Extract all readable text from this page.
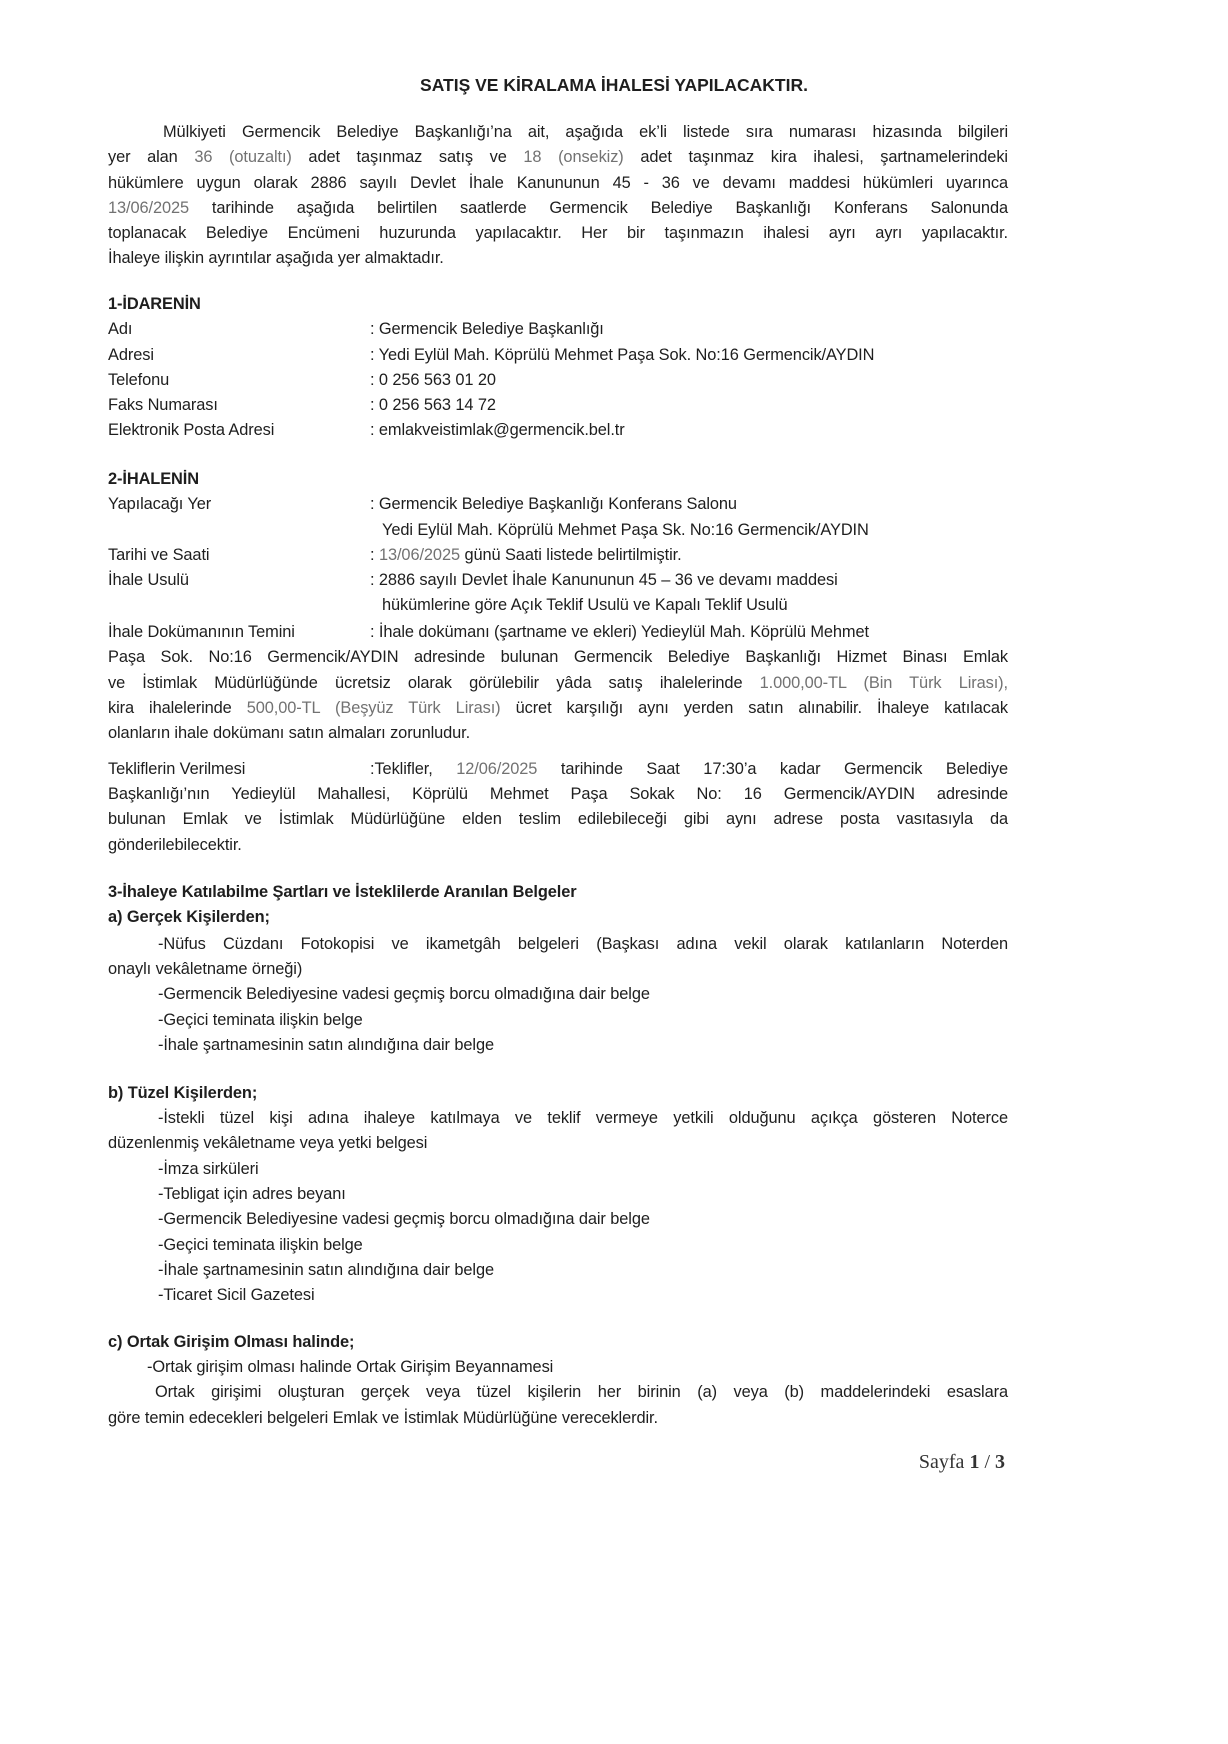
SATIŞ VE KİRALAMA İHALESİ YAPILACAKTIR.
Mülkiyeti Germencik Belediye Başkanlığı’na ait, aşağıda ek’li listede sıra numarası hizasında bilgileri
yer alan 36 (otuzaltı) adet taşınmaz satış ve 18 (onsekiz) adet taşınmaz kira ihalesi, şartnamelerindeki
hükümlere uygun olarak 2886 sayılı Devlet İhale Kanununun 45 - 36 ve devamı maddesi hükümleri uyarınca
13/06/2025 tarihinde aşağıda belirtilen saatlerde Germencik Belediye Başkanlığı Konferans Salonunda
toplanacak Belediye Encümeni huzurunda yapılacaktır. Her bir taşınmazın ihalesi ayrı ayrı yapılacaktır.
İhaleye ilişkin ayrıntılar aşağıda yer almaktadır.
1-İDARENİN
Adı	: Germencik Belediye Başkanlığı
Adresi	: Yedi Eylül Mah. Köprülü Mehmet Paşa Sok. No:16 Germencik/AYDIN
Telefonu	: 0 256 563 01 20
Faks Numarası	: 0 256 563 14 72
Elektronik Posta Adresi	: emlakveistimlak@germencik.bel.tr
2-İHALENİN
Yapılacağı Yer	: Germencik Belediye Başkanlığı Konferans Salonu
Yedi Eylül Mah. Köprülü Mehmet Paşa Sk. No:16 Germencik/AYDIN
Tarihi ve Saati	: 13/06/2025 günü Saati listede belirtilmiştir.
İhale Usulü	: 2886 sayılı Devlet İhale Kanununun 45 – 36 ve devamı maddesi
hükümlerine göre Açık Teklif Usulü ve Kapalı Teklif Usulü
İhale Dokümanının Temini	: İhale dokümanı (şartname ve ekleri) Yedieylül Mah. Köprülü Mehmet
Paşa Sok. No:16 Germencik/AYDIN adresinde bulunan Germencik Belediye Başkanlığı Hizmet Binası Emlak
ve İstimlak Müdürlüğünde ücretsiz olarak görülebilir yâda satış ihalelerinde 1.000,00-TL (Bin Türk Lirası),
kira ihalelerinde 500,00-TL (Beşyüz Türk Lirası) ücret karşılığı aynı yerden satın alınabilir. İhaleye katılacak
olanların ihale dokümanı satın almaları zorunludur.
Tekliflerin Verilmesi	:Teklifler, 12/06/2025 tarihinde Saat 17:30’a kadar Germencik Belediye
Başkanlığı’nın Yedieylül Mahallesi, Köprülü Mehmet Paşa Sokak No: 16 Germencik/AYDIN adresinde
bulunan Emlak ve İstimlak Müdürlüğüne elden teslim edilebileceği gibi aynı adrese posta vasıtasıyla da
gönderilebilecektir.
3-İhaleye Katılabilme Şartları ve İsteklilerde Aranılan Belgeler
a) Gerçek Kişilerden;
-Nüfus Cüzdanı Fotokopisi ve ikametgâh belgeleri (Başkası adına vekil olarak katılanların Noterden
onaylı vekâletname örneği)
-Germencik Belediyesine vadesi geçmiş borcu olmadığına dair belge
-Geçici teminata ilişkin belge
-İhale şartnamesinin satın alındığına dair belge
b) Tüzel Kişilerden;
-İstekli tüzel kişi adına ihaleye katılmaya ve teklif vermeye yetkili olduğunu açıkça gösteren Noterce
düzenlenmiş vekâletname veya yetki belgesi
-İmza sirküleri
-Tebligat için adres beyanı
-Germencik Belediyesine vadesi geçmiş borcu olmadığına dair belge
-Geçici teminata ilişkin belge
-İhale şartnamesinin satın alındığına dair belge
-Ticaret Sicil Gazetesi
c) Ortak Girişim Olması halinde;
-Ortak girişim olması halinde Ortak Girişim Beyannamesi
Ortak girişimi oluşturan gerçek veya tüzel kişilerin her birinin (a) veya (b) maddelerindeki esaslara
göre temin edecekleri belgeleri Emlak ve İstimlak Müdürlüğüne vereceklerdir.
Sayfa 1 / 3
